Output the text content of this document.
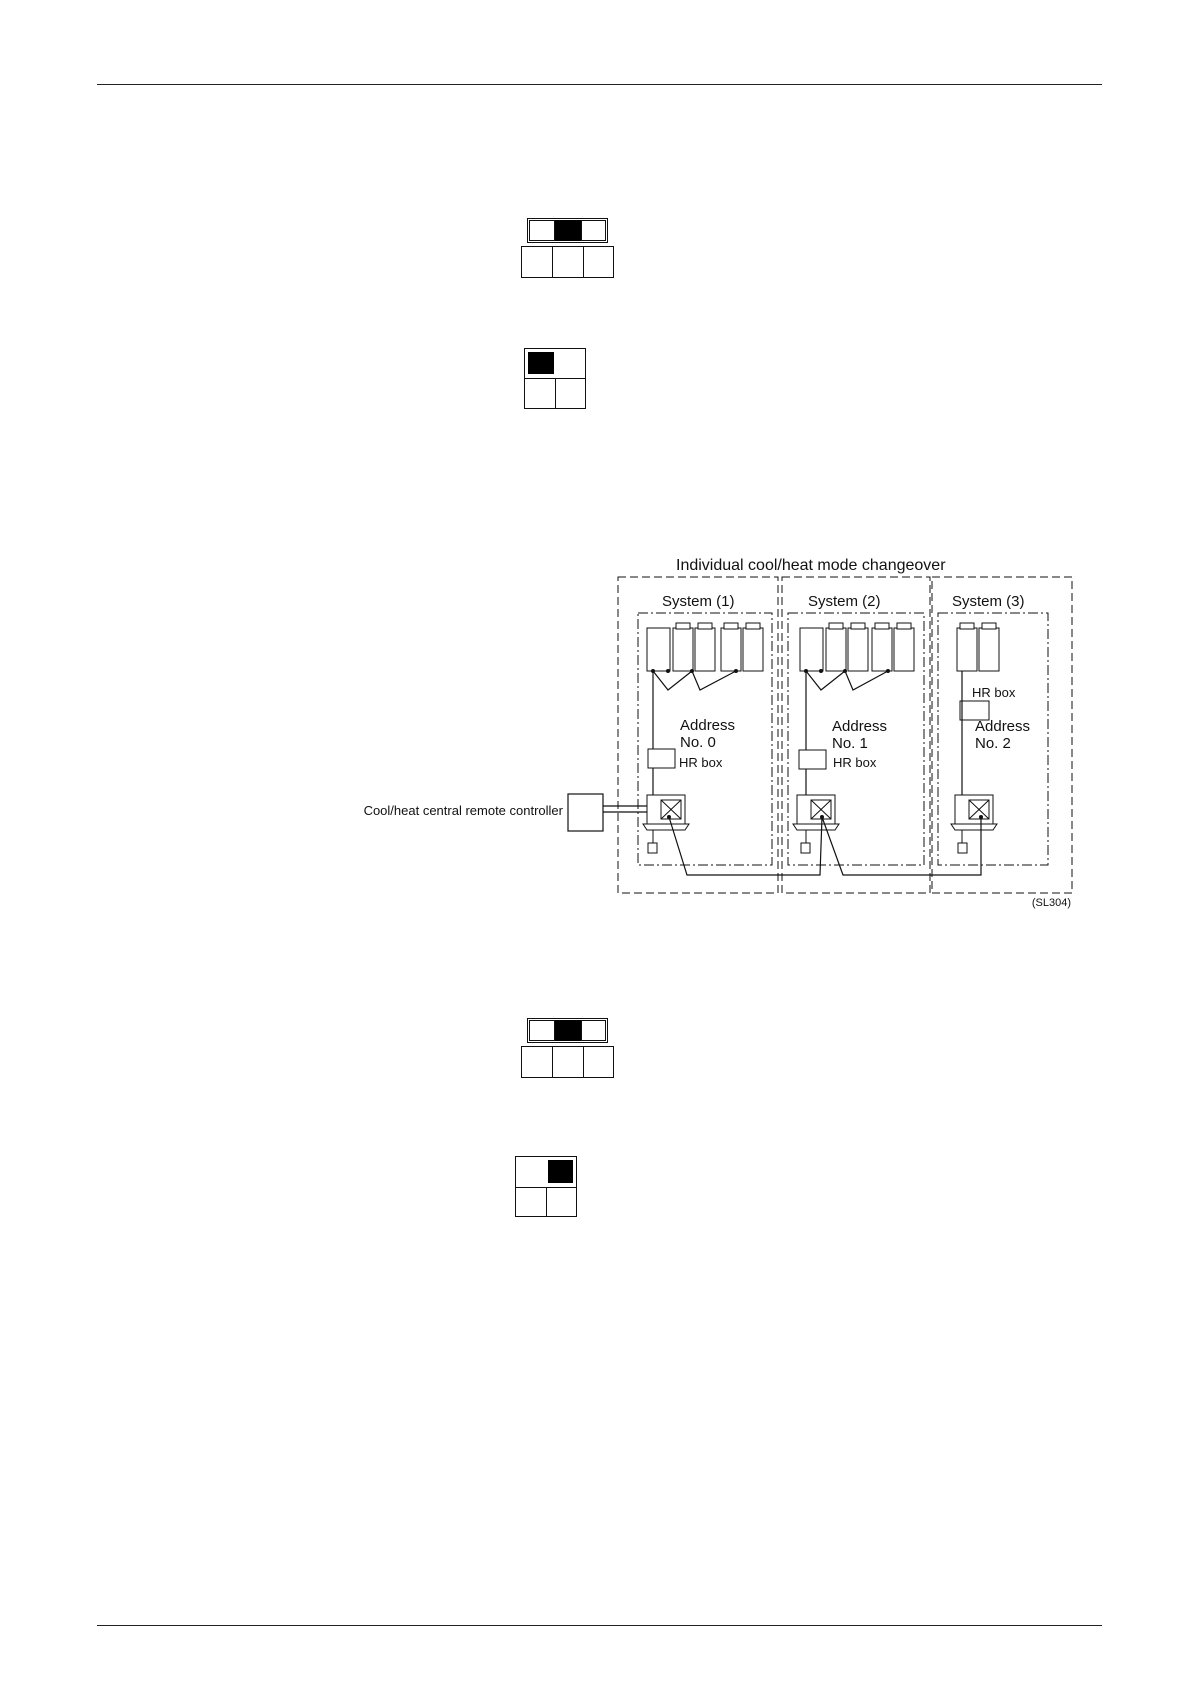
Individual cool/heat mode changeover
System (1)	System (2)	System (3)
Address
No. 0
HR box
Address
No. 1
HR box
HR box
Address
No. 2
Cool/heat central remote controller
(SL304)
